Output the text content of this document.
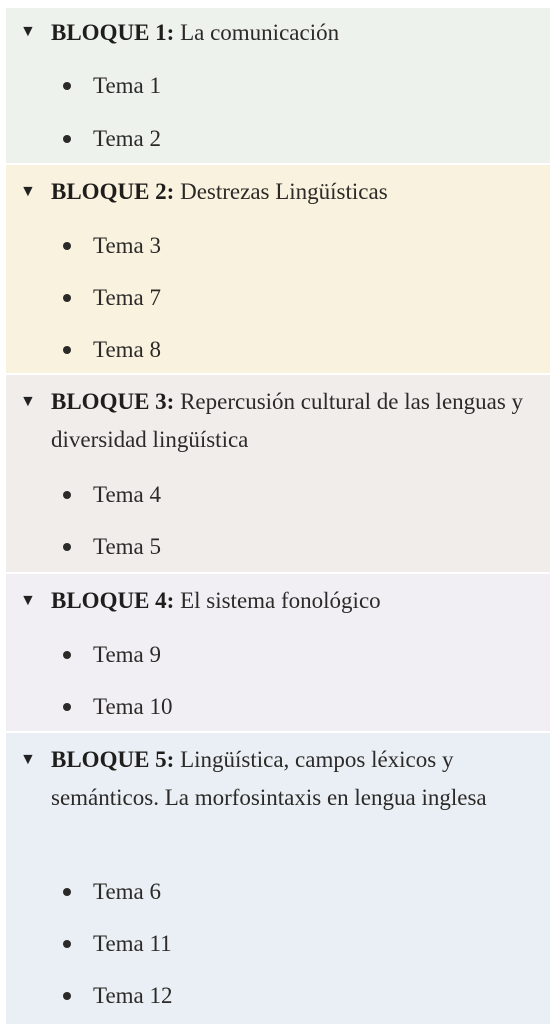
▼ BLOQUE 1: La comunicación
Tema 1
Tema 2
▼ BLOQUE 2: Destrezas Lingüísticas
Tema 3
Tema 7
Tema 8
▼ BLOQUE 3: Repercusión cultural de las lenguas y diversidad lingüística
Tema 4
Tema 5
▼ BLOQUE 4: El sistema fonológico
Tema 9
Tema 10
▼ BLOQUE 5: Lingüística, campos léxicos y semánticos. La morfosintaxis en lengua inglesa
Tema 6
Tema 11
Tema 12
